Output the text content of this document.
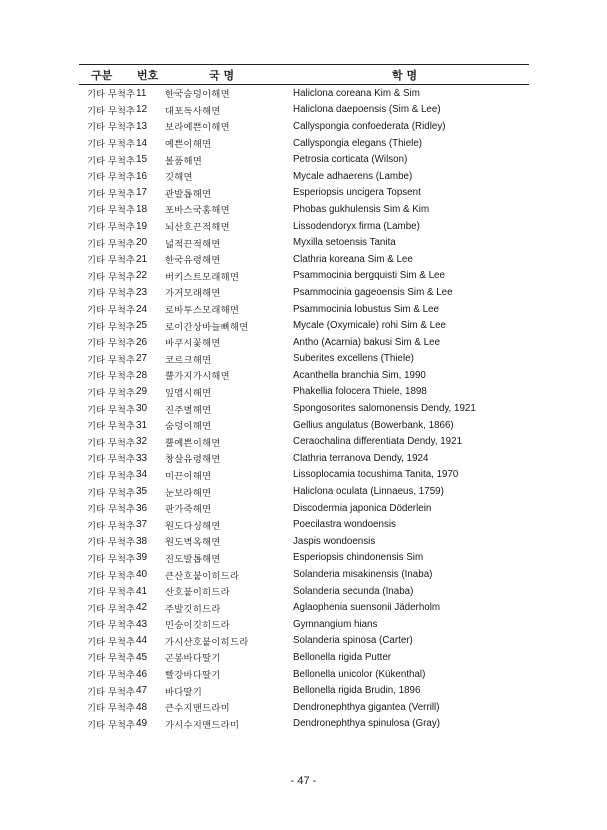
구분	번호	국 명	학 명
기타 무척추	11	한국숨덩이해면	Haliclona coreana Kim & Sim
기타 무척추	12	대포독사해면	Haliclona daepoensis (Sim & Lee)
기타 무척추	13	보라예쁜이해면	Callyspongia confoederata (Ridley)
기타 무척추	14	예쁜이해면	Callyspongia elegans (Thiele)
기타 무척추	15	볼품해면	Petrosia corticata (Wilson)
기타 무척추	16	깃해면	Mycale adhaerens (Lambe)
기타 무척추	17	관발톱해면	Esperiopsis uncigera Topsent
기타 무척추	18	포바스국홈해면	Phobas gukhulensis Sim & Kim
기타 무척추	19	뇌산호끈적해면	Lissodendoryx firma (Lambe)
기타 무척추	20	넓적끈적해면	Myxilla setoensis Tanita
기타 무척추	21	한국유령해면	Clathria koreana Sim & Lee
기타 무척추	22	버키스트모래해면	Psammocinia bergquisti Sim & Lee
기타 무척추	23	가거모래해면	Psammocinia gageoensis Sim & Lee
기타 무척추	24	로바투스모래해면	Psammocinia lobustus Sim & Lee
기타 무척추	25	로이간상바늘뼈해면	Mycale (Oxymicale) rohi Sim & Lee
기타 무척추	26	바쿠시꽃해면	Antho (Acarnia) bakusi Sim & Lee
기타 무척추	27	코르크해면	Suberites excellens (Thiele)
기타 무척추	28	뿔가지가시해면	Acanthella branchia Sim, 1990
기타 무척추	29	잎맵시해면	Phakellia folocera Thiele, 1898
기타 무척추	30	진주별해면	Spongosorites salomonensis Dendy, 1921
기타 무척추	31	숨덩이해면	Gellius angulatus (Bowerbank, 1866)
기타 무척추	32	뿔예쁜이해면	Ceraochalina differentiata Dendy, 1921
기타 무척추	33	창살유령해면	Clathria terranova Dendy, 1924
기타 무척추	34	미끈이해면	Lissoplocamia tocushima Tanita, 1970
기타 무척추	35	눈보라해면	Haliclona oculata (Linnaeus, 1759)
기타 무척추	36	판가죽해면	Discodermia japonica Döderlein
기타 무척추	37	원도다싱해면	Poecilastra wondoensis
기타 무척추	38	원도벽옥해면	Jaspis wondoensis
기타 무척추	39	진도발톱해면	Esperiopsis chindonensis Sim
기타 무척추	40	큰산호붙이히드라	Solanderia misakinensis (Inaba)
기타 무척추	41	산호붙이히드라	Solanderia secunda (Inaba)
기타 무척추	42	주발깃히드라	Aglaophenia suensonii Jäderholm
기타 무척추	43	민숭이깃히드라	Gymnangium hians
기타 무척추	44	가시산호붙이히드라	Solanderia spinosa (Carter)
기타 무척추	45	곤봉바다딸기	Bellonella rigida Putter
기타 무척추	46	빨강바다딸기	Bellonella unicolor (Kükenthal)
기타 무척추	47	바다딸기	Bellonella rigida Brudin, 1896
기타 무척추	48	큰수지맨드라미	Dendronephthya gigantea (Verrill)
기타 무척추	49	가시수지맨드라미	Dendronephthya spinulosa (Gray)
- 47 -
